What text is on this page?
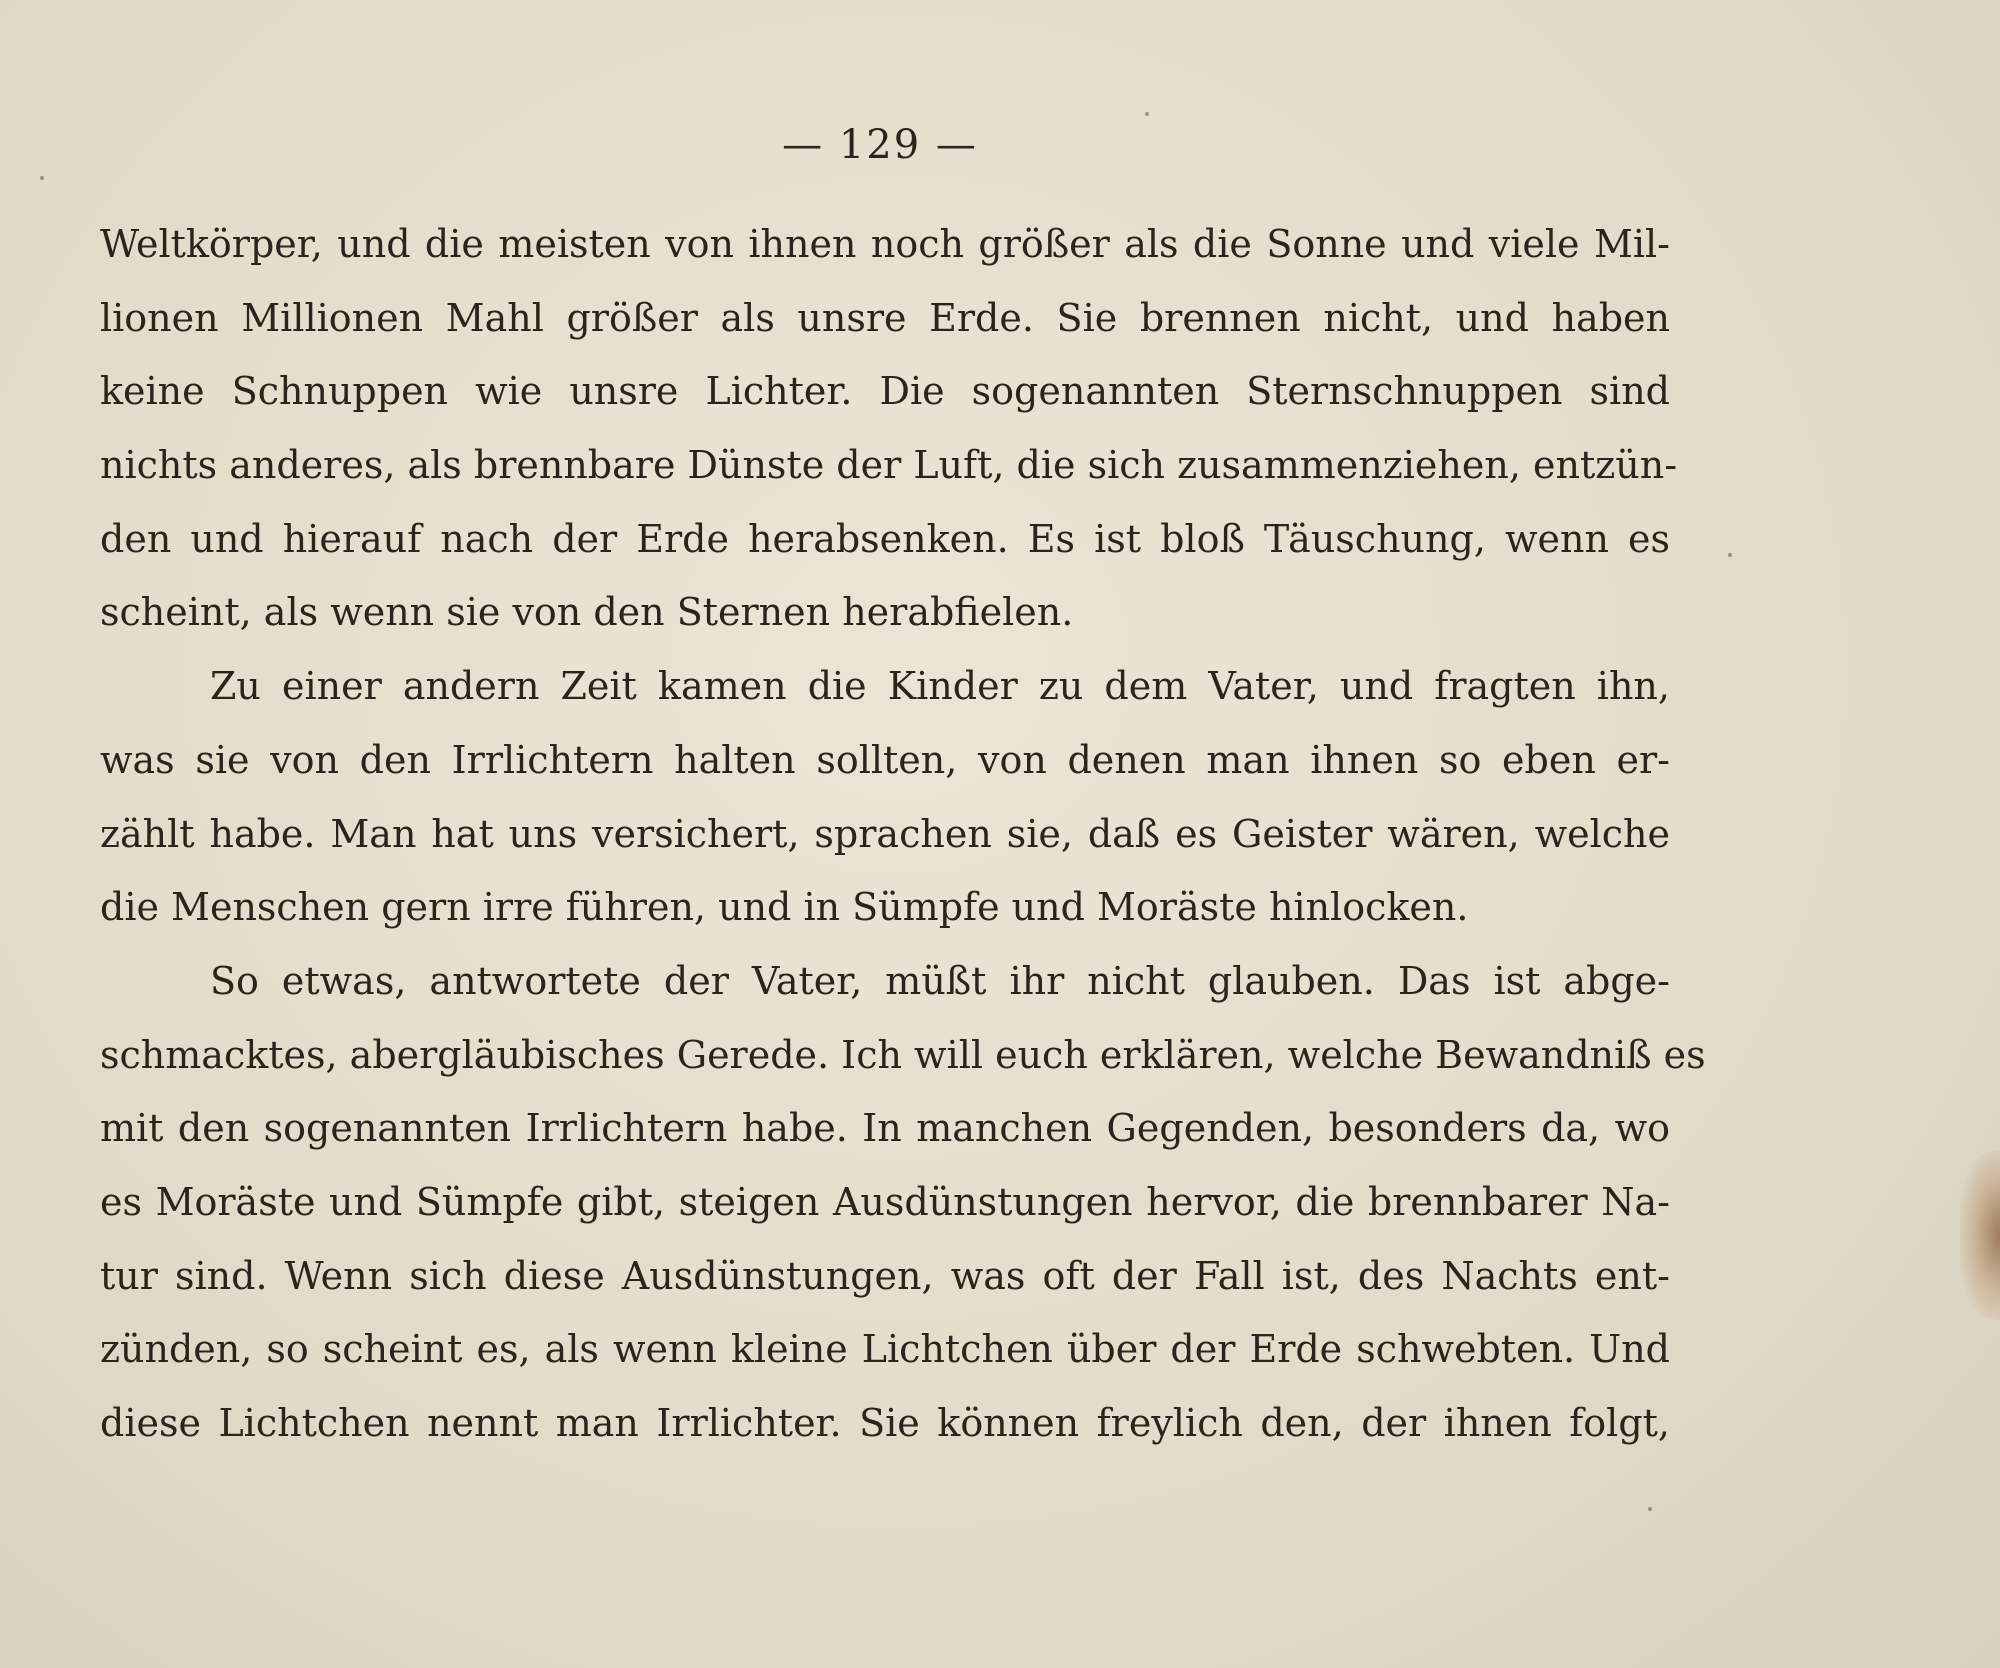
— 129 —
Weltkörper, und die meisten von ihnen noch größer als die Sonne und viele Mil-
lionen Millionen Mahl größer als unsre Erde. Sie brennen nicht, und haben
keine Schnuppen wie unsre Lichter. Die sogenannten Sternschnuppen sind
nichts anderes, als brennbare Dünste der Luft, die sich zusammenziehen, entzün-
den und hierauf nach der Erde herabsenken. Es ist bloß Täuschung, wenn es
scheint, als wenn sie von den Sternen herabfielen.
Zu einer andern Zeit kamen die Kinder zu dem Vater, und fragten ihn,
was sie von den Irrlichtern halten sollten, von denen man ihnen so eben er-
zählt habe. Man hat uns versichert, sprachen sie, daß es Geister wären, welche
die Menschen gern irre führen, und in Sümpfe und Moräste hinlocken.
So etwas, antwortete der Vater, müßt ihr nicht glauben. Das ist abge-
schmacktes, abergläubisches Gerede. Ich will euch erklären, welche Bewandniß es
mit den sogenannten Irrlichtern habe. In manchen Gegenden, besonders da, wo
es Moräste und Sümpfe gibt, steigen Ausdünstungen hervor, die brennbarer Na-
tur sind. Wenn sich diese Ausdünstungen, was oft der Fall ist, des Nachts ent-
zünden, so scheint es, als wenn kleine Lichtchen über der Erde schwebten. Und
diese Lichtchen nennt man Irrlichter. Sie können freylich den, der ihnen folgt,
